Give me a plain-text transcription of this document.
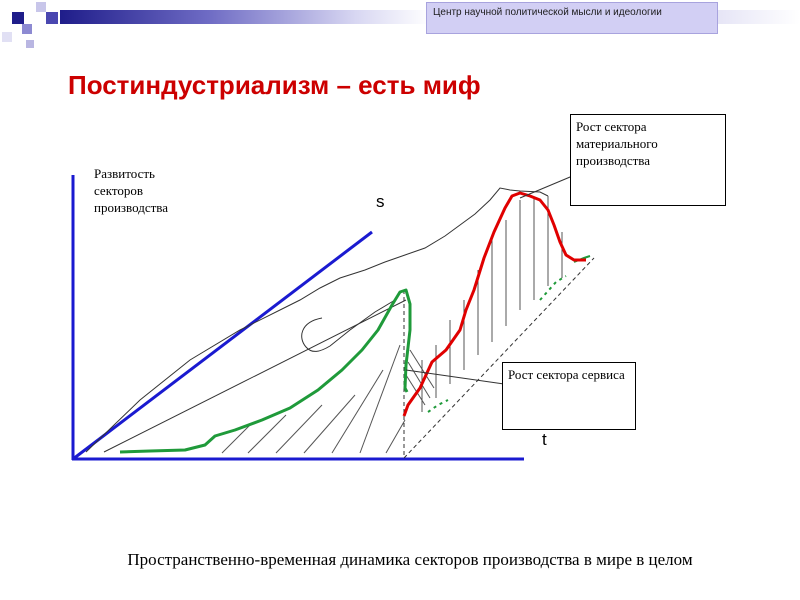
Центр научной политической мысли и идеологии
Постиндустриализм – есть миф
Рост сектора материального производства
Рост сектора сервиса
Развитость секторов производства	s
t
Пространственно-временная динамика секторов производства в мире в целом
